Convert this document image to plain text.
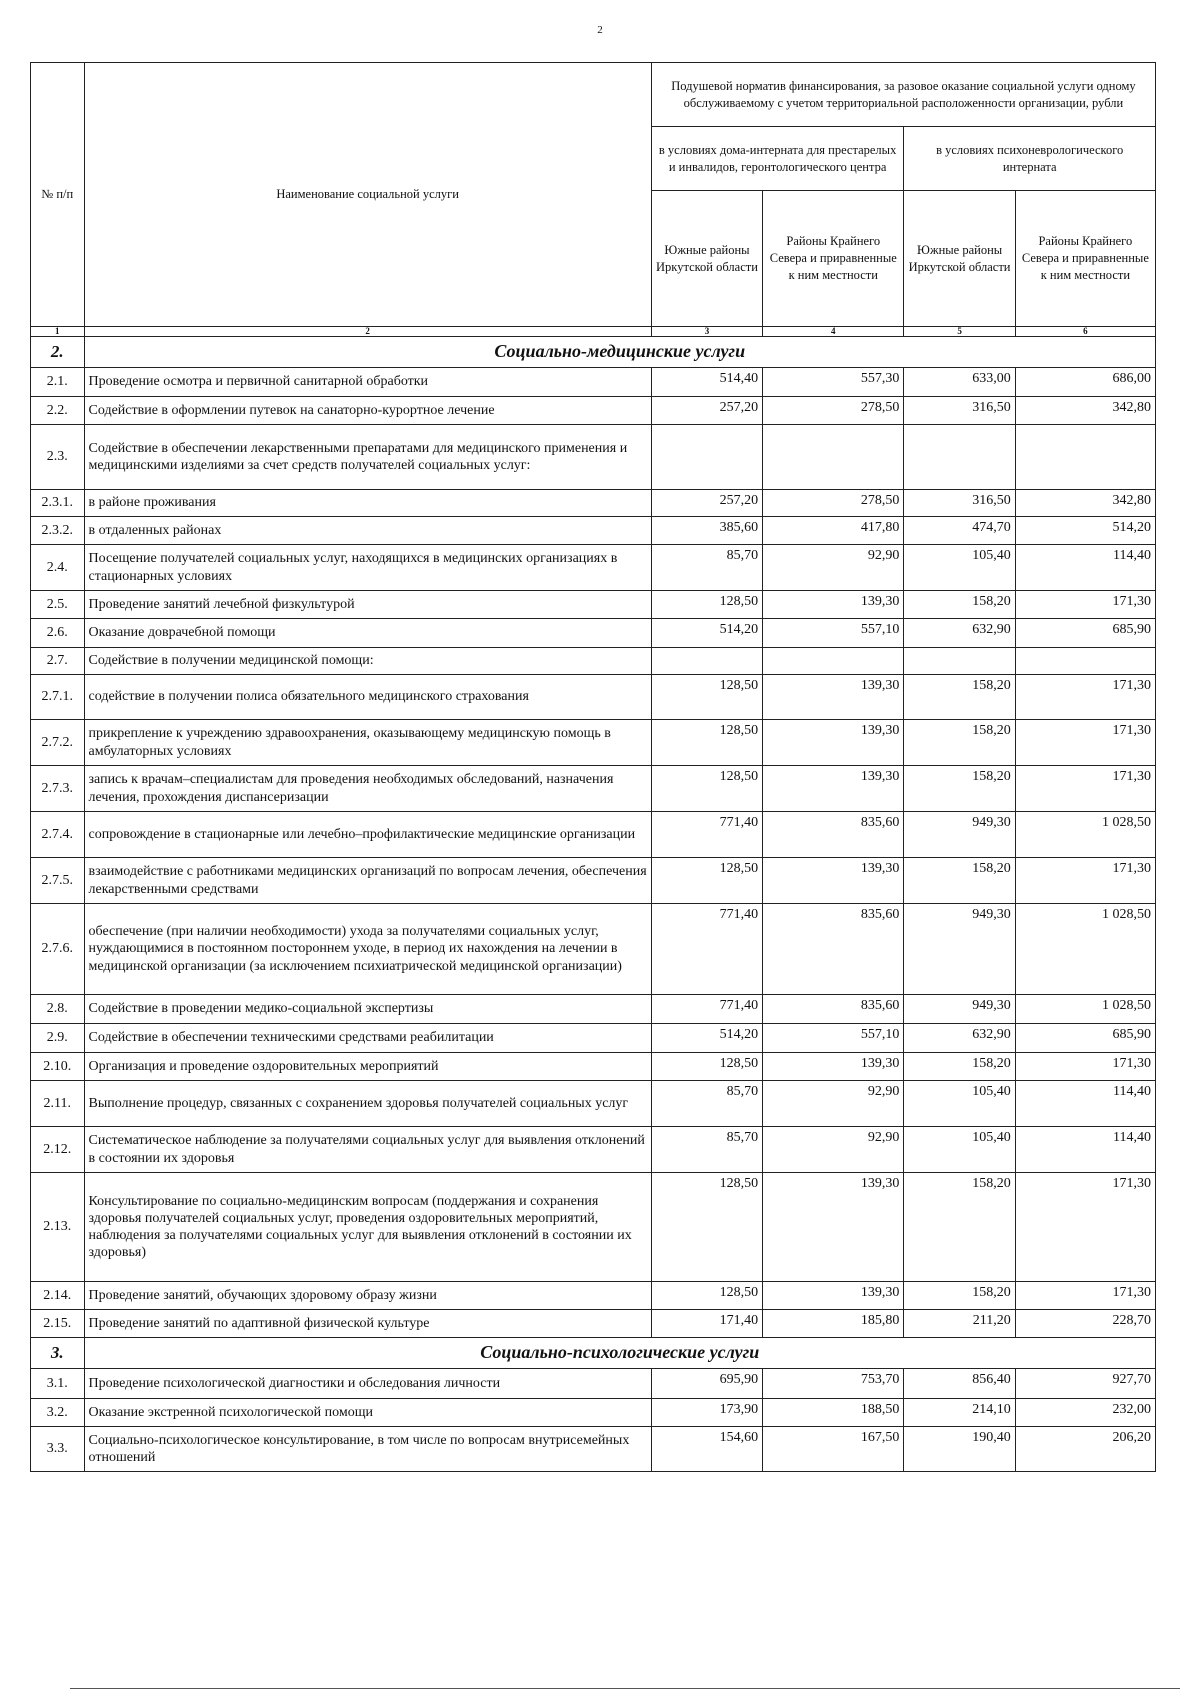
2
№ п/п	Наименование социальной услуги	Подушевой норматив финансирования, за разовое оказание социальной услуги одному обслуживаемому с учетом территориальной расположенности организации, рубли			
		в условиях дома-интерната для престарелых и инвалидов, геронтологического центра		в условиях психоневрологического интерната	
		Южные районы Иркутской области	Районы Крайнего Севера и приравненные к ним местности	Южные районы Иркутской области	Районы Крайнего Севера и приравненные к ним местности
1	2	3	4	5	6
2.	Социально-медицинские услуги				
2.1.	Проведение осмотра и первичной санитарной обработки	514,40	557,30	633,00	686,00
2.2.	Содействие в оформлении путевок на санаторно-курортное лечение	257,20	278,50	316,50	342,80
2.3.	Содействие в обеспечении лекарственными препаратами для медицинского применения и медицинскими изделиями за счет средств получателей социальных услуг:				
2.3.1.	в районе проживания	257,20	278,50	316,50	342,80
2.3.2.	в отдаленных районах	385,60	417,80	474,70	514,20
2.4.	Посещение получателей социальных услуг, находящихся в медицинских организациях в стационарных условиях	85,70	92,90	105,40	114,40
2.5.	Проведение занятий лечебной физкультурой	128,50	139,30	158,20	171,30
2.6.	Оказание доврачебной помощи	514,20	557,10	632,90	685,90
2.7.	Содействие в получении медицинской помощи:				
2.7.1.	содействие в получении полиса обязательного медицинского страхования	128,50	139,30	158,20	171,30
2.7.2.	прикрепление к учреждению здравоохранения, оказывающему медицинскую помощь в амбулаторных условиях	128,50	139,30	158,20	171,30
2.7.3.	запись к врачам–специалистам для проведения необходимых обследований, назначения лечения, прохождения диспансеризации	128,50	139,30	158,20	171,30
2.7.4.	сопровождение в стационарные или лечебно–профилактические медицинские организации	771,40	835,60	949,30	1 028,50
2.7.5.	взаимодействие с работниками медицинских организаций по вопросам лечения, обеспечения лекарственными средствами	128,50	139,30	158,20	171,30
2.7.6.	обеспечение (при наличии необходимости) ухода за получателями социальных услуг, нуждающимися в постоянном постороннем уходе, в период их нахождения на лечении в медицинской организации (за исключением психиатрической медицинской организации)	771,40	835,60	949,30	1 028,50
2.8.	Содействие в проведении медико-социальной экспертизы	771,40	835,60	949,30	1 028,50
2.9.	Содействие в обеспечении техническими средствами реабилитации	514,20	557,10	632,90	685,90
2.10.	Организация и проведение оздоровительных мероприятий	128,50	139,30	158,20	171,30
2.11.	Выполнение процедур, связанных с сохранением здоровья получателей социальных услуг	85,70	92,90	105,40	114,40
2.12.	Систематическое наблюдение за получателями социальных услуг для выявления отклонений в состоянии их здоровья	85,70	92,90	105,40	114,40
2.13.	Консультирование по социально-медицинским вопросам (поддержания и сохранения здоровья получателей социальных услуг, проведения оздоровительных мероприятий, наблюдения за получателями социальных услуг для выявления отклонений в состоянии их здоровья)	128,50	139,30	158,20	171,30
2.14.	Проведение занятий, обучающих здоровому образу жизни	128,50	139,30	158,20	171,30
2.15.	Проведение занятий по адаптивной физической культуре	171,40	185,80	211,20	228,70
3.	Социально-психологические услуги				
3.1.	Проведение психологической диагностики и обследования личности	695,90	753,70	856,40	927,70
3.2.	Оказание экстренной психологической помощи	173,90	188,50	214,10	232,00
3.3.	Социально-психологическое консультирование, в том числе по вопросам внутрисемейных отношений	154,60	167,50	190,40	206,20
